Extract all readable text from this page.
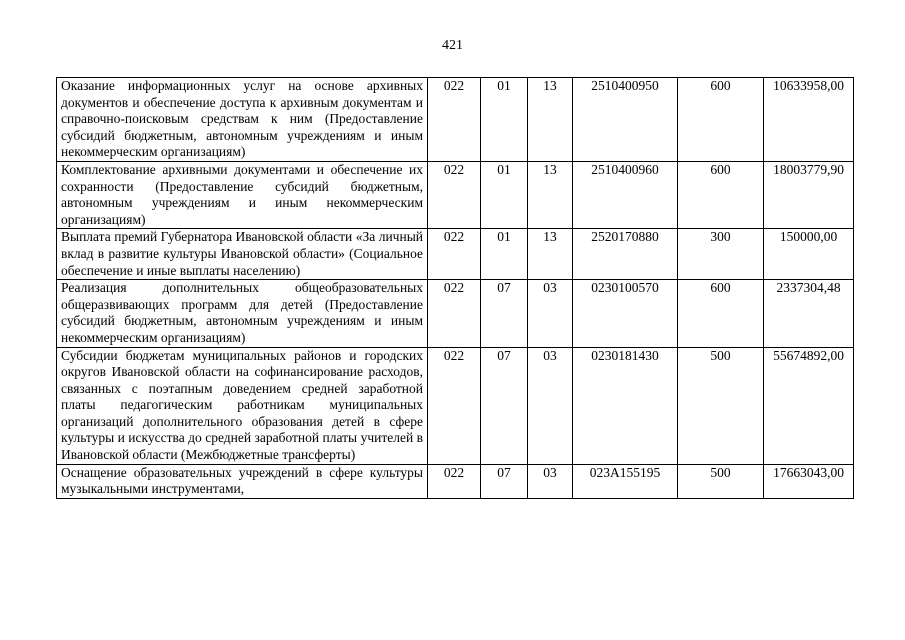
421
Оказание информационных услуг на основе архивных документов и обеспечение доступа к архивным документам и справочно-поисковым средствам к ним (Предоставление субсидий бюджетным, автономным учреждениям и иным некоммерческим организациям)	022	01	13	2510400950	600	10633958,00
Комплектование архивными документами и обеспечение их сохранности (Предоставление субсидий бюджетным, автономным учреждениям и иным некоммерческим организациям)	022	01	13	2510400960	600	18003779,90
Выплата премий Губернатора Ивановской области «За личный вклад в развитие культуры Ивановской области» (Социальное обеспечение и иные выплаты населению)	022	01	13	2520170880	300	150000,00
Реализация дополнительных общеобразовательных общеразвивающих программ для детей (Предоставление субсидий бюджетным, автономным учреждениям и иным некоммерческим организациям)	022	07	03	0230100570	600	2337304,48
Субсидии бюджетам муниципальных районов и городских округов Ивановской области на софинансирование расходов, связанных с поэтапным доведением средней заработной платы педагогическим работникам муниципальных организаций дополнительного образования детей в сфере культуры и искусства до средней заработной платы учителей в Ивановской области (Межбюджетные трансферты)	022	07	03	0230181430	500	55674892,00

Оснащение образовательных учреждений в сфере культуры музыкальными инструментами,	022	07	03	023A155195	500	17663043,00
